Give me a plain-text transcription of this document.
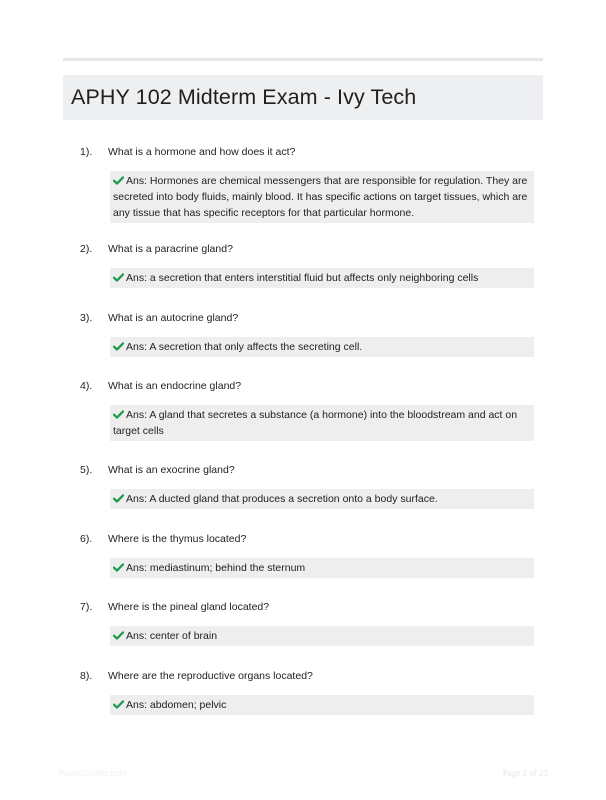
APHY 102 Midterm Exam - Ivy Tech
1).	What is a hormone and how does it act?
Ans: Hormones are chemical messengers that are responsible for regulation. They are secreted into body fluids, mainly blood. It has specific actions on target tissues, which are any tissue that has specific receptors for that particular hormone.
2).	What is a paracrine gland?
Ans: a secretion that enters interstitial fluid but affects only neighboring cells
3).	What is an autocrine gland?
Ans: A secretion that only affects the secreting cell.
4).	What is an endocrine gland?
Ans: A gland that secretes a substance (a hormone) into the bloodstream and act on target cells
5).	What is an exocrine gland?
Ans: A ducted gland that produces a secretion onto a body surface.
6).	Where is the thymus located?
Ans: mediastinum; behind the sternum
7).	Where is the pineal gland located?
Ans: center of brain
8).	Where are the reproductive organs located?
Ans: abdomen; pelvic
PaperStudio.com	Page 1 of 23
